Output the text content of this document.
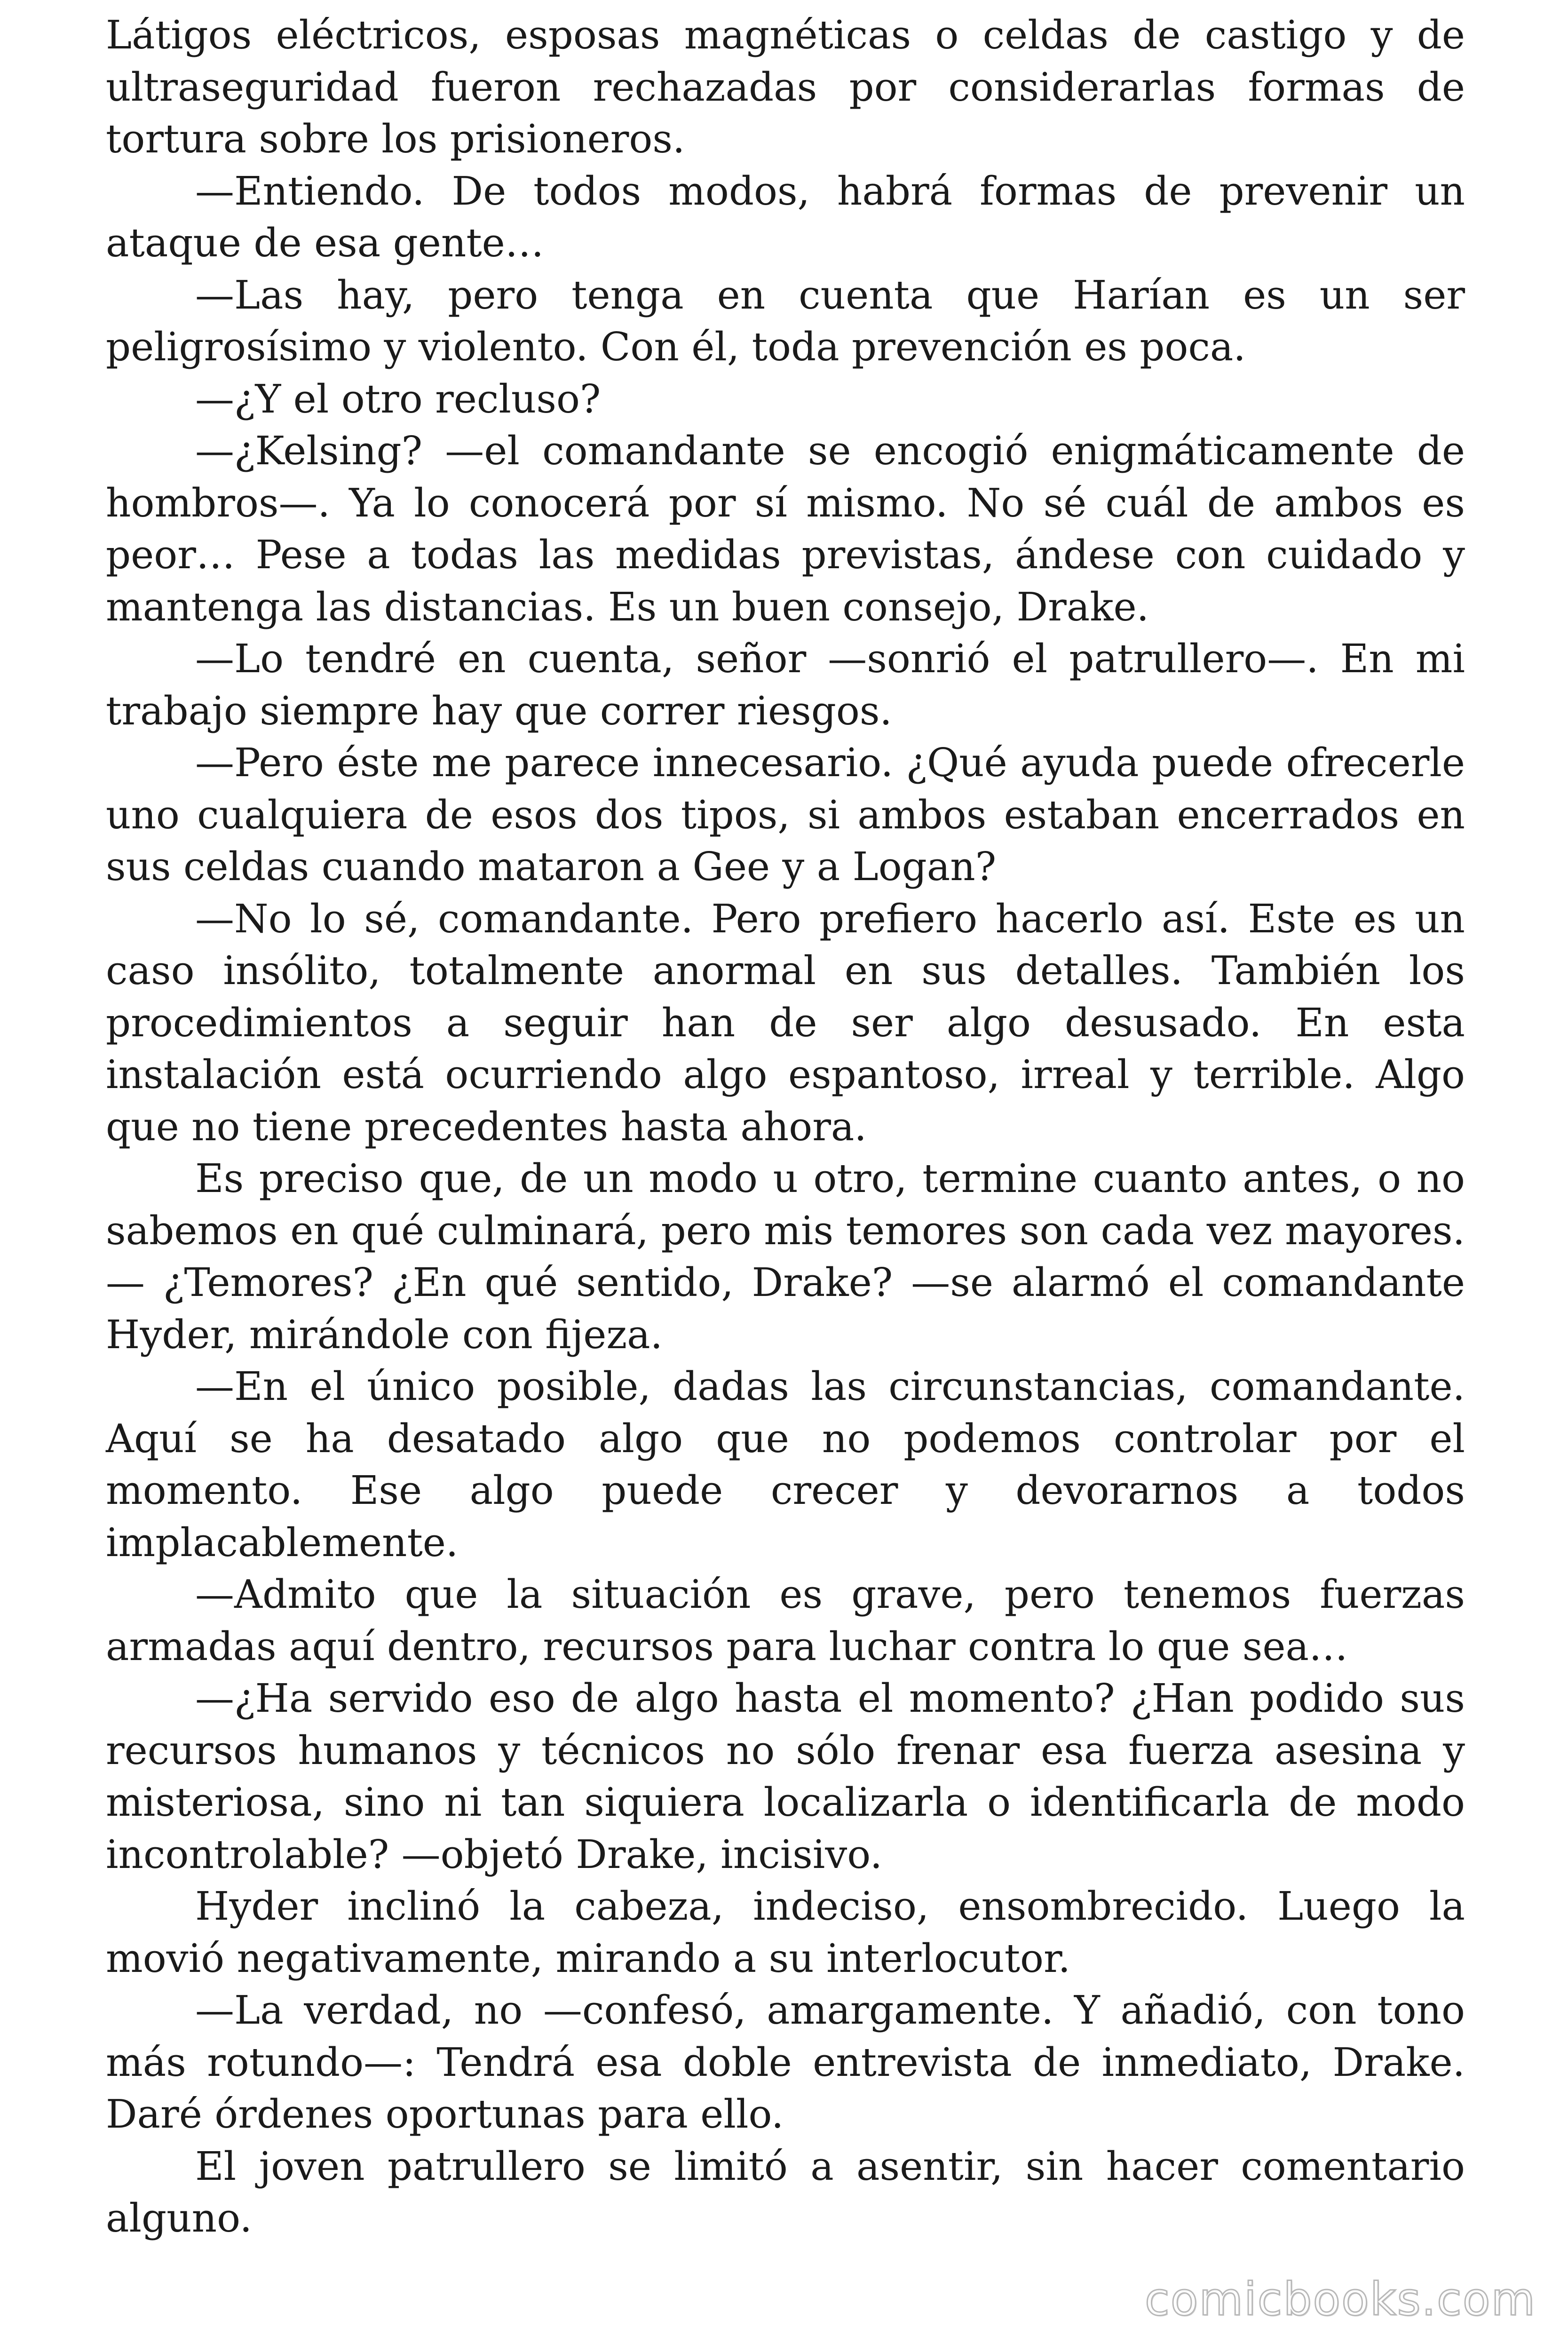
Látigos eléctricos, esposas magnéticas o celdas de castigo y de ultraseguridad fueron rechazadas por considerarlas formas de tortura sobre los prisioneros.

—Entiendo. De todos modos, habrá formas de prevenir un ataque de esa gente…

—Las hay, pero tenga en cuenta que Harían es un ser peligrosísimo y violento. Con él, toda prevención es poca.

—¿Y el otro recluso?

—¿Kelsing? —el comandante se encogió enigmáticamente de hombros—. Ya lo conocerá por sí mismo. No sé cuál de ambos es peor… Pese a todas las medidas previstas, ándese con cuidado y mantenga las distancias. Es un buen consejo, Drake.

—Lo tendré en cuenta, señor —sonrió el patrullero—. En mi trabajo siempre hay que correr riesgos.

—Pero éste me parece innecesario. ¿Qué ayuda puede ofrecerle uno cualquiera de esos dos tipos, si ambos estaban encerrados en sus celdas cuando mataron a Gee y a Logan?

—No lo sé, comandante. Pero prefiero hacerlo así. Este es un caso insólito, totalmente anormal en sus detalles. También los procedimientos a seguir han de ser algo desusado. En esta instalación está ocurriendo algo espantoso, irreal y terrible. Algo que no tiene precedentes hasta ahora.

Es preciso que, de un modo u otro, termine cuanto antes, o no sabemos en qué culminará, pero mis temores son cada vez mayores.— ¿Temores? ¿En qué sentido, Drake? —se alarmó el comandante Hyder, mirándole con fijeza.

—En el único posible, dadas las circunstancias, comandante. Aquí se ha desatado algo que no podemos controlar por el momento. Ese algo puede crecer y devorarnos a todos implacablemente.

—Admito que la situación es grave, pero tenemos fuerzas armadas aquí dentro, recursos para luchar contra lo que sea…

—¿Ha servido eso de algo hasta el momento? ¿Han podido sus recursos humanos y técnicos no sólo frenar esa fuerza asesina y misteriosa, sino ni tan siquiera localizarla o identificarla de modo incontrolable? —objetó Drake, incisivo.

Hyder inclinó la cabeza, indeciso, ensombrecido. Luego la movió negativamente, mirando a su interlocutor.

—La verdad, no —confesó, amargamente. Y añadió, con tono más rotundo—: Tendrá esa doble entrevista de inmediato, Drake. Daré órdenes oportunas para ello.

El joven patrullero se limitó a asentir, sin hacer comentario alguno.

comicbooks.com
